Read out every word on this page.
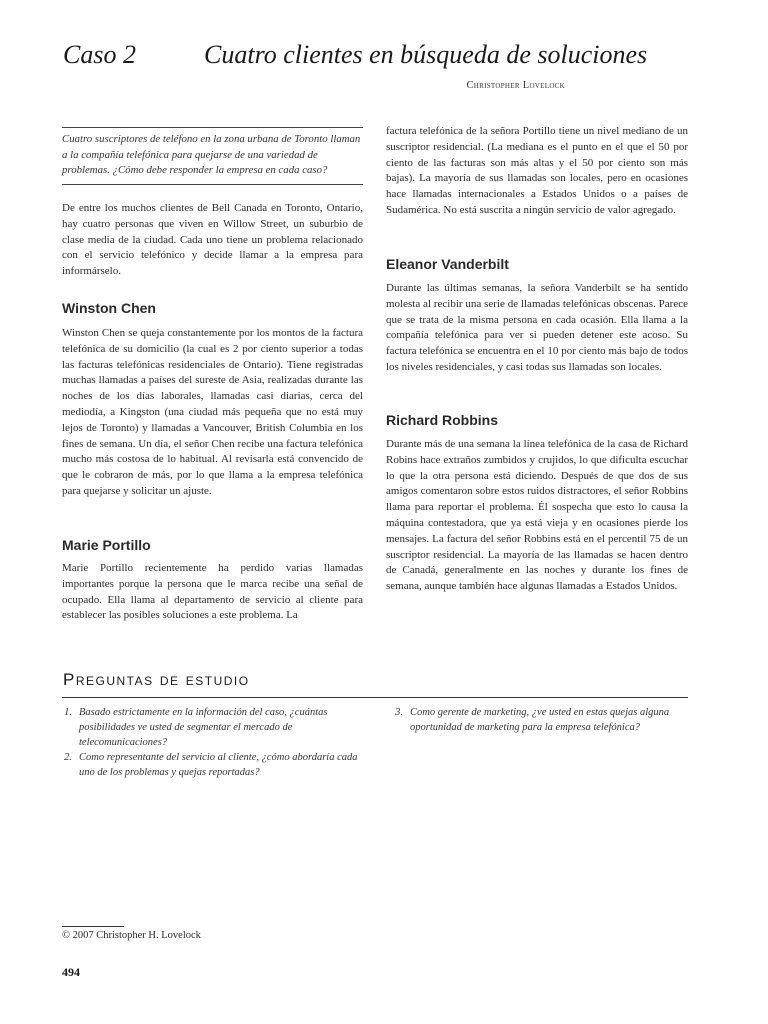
Caso 2	Cuatro clientes en búsqueda de soluciones
Christopher Lovelock
Cuatro suscriptores de teléfono en la zona urbana de Toronto llaman a la compañía telefónica para quejarse de una variedad de problemas. ¿Cómo debe responder la empresa en cada caso?
De entre los muchos clientes de Bell Canada en Toronto, Ontario, hay cuatro personas que viven en Willow Street, un suburbio de clase media de la ciudad. Cada uno tiene un problema relacionado con el servicio telefónico y decide llamar a la empresa para informárselo.
Winston Chen
Winston Chen se queja constantemente por los montos de la factura telefónica de su domicilio (la cual es 2 por ciento superior a todas las facturas telefónicas residenciales de Ontario). Tiene registradas muchas llamadas a países del sureste de Asia, realizadas durante las noches de los días laborales, llamadas casi diarias, cerca del mediodía, a Kingston (una ciudad más pequeña que no está muy lejos de Toronto) y llamadas a Vancouver, British Columbia en los fines de semana. Un día, el señor Chen recibe una factura telefónica mucho más costosa de lo habitual. Al revisarla está convencido de que le cobraron de más, por lo que llama a la empresa telefónica para quejarse y solicitar un ajuste.
Marie Portillo
Marie Portillo recientemente ha perdido varias llamadas importantes porque la persona que le marca recibe una señal de ocupado. Ella llama al departamento de servicio al cliente para establecer las posibles soluciones a este problema. La
factura telefónica de la señora Portillo tiene un nivel mediano de un suscriptor residencial. (La mediana es el punto en el que el 50 por ciento de las facturas son más altas y el 50 por ciento son más bajas). La mayoría de sus llamadas son locales, pero en ocasiones hace llamadas internacionales a Estados Unidos o a países de Sudamérica. No está suscrita a ningún servicio de valor agregado.
Eleanor Vanderbilt
Durante las últimas semanas, la señora Vanderbilt se ha sentido molesta al recibir una serie de llamadas telefónicas obscenas. Parece que se trata de la misma persona en cada ocasión. Ella llama a la compañía telefónica para ver si pueden detener este acoso. Su factura telefónica se encuentra en el 10 por ciento más bajo de todos los niveles residenciales, y casi todas sus llamadas son locales.
Richard Robbins
Durante más de una semana la línea telefónica de la casa de Richard Robins hace extraños zumbidos y crujidos, lo que dificulta escuchar lo que la otra persona está diciendo. Después de que dos de sus amigos comentaron sobre estos ruidos distractores, el señor Robbins llama para reportar el problema. Él sospecha que esto lo causa la máquina contestadora, que ya está vieja y en ocasiones pierde los mensajes. La factura del señor Robbins está en el percentil 75 de un suscriptor residencial. La mayoría de las llamadas se hacen dentro de Canadá, generalmente en las noches y durante los fines de semana, aunque también hace algunas llamadas a Estados Unidos.
Preguntas de estudio
1. Basado estrictamente en la información del caso, ¿cuántas posibilidades ve usted de segmentar el mercado de telecomunicaciones?
2. Como representante del servicio al cliente, ¿cómo abordaría cada uno de los problemas y quejas reportadas?
3. Como gerente de marketing, ¿ve usted en estas quejas alguna oportunidad de marketing para la empresa telefónica?
© 2007 Christopher H. Lovelock
494
